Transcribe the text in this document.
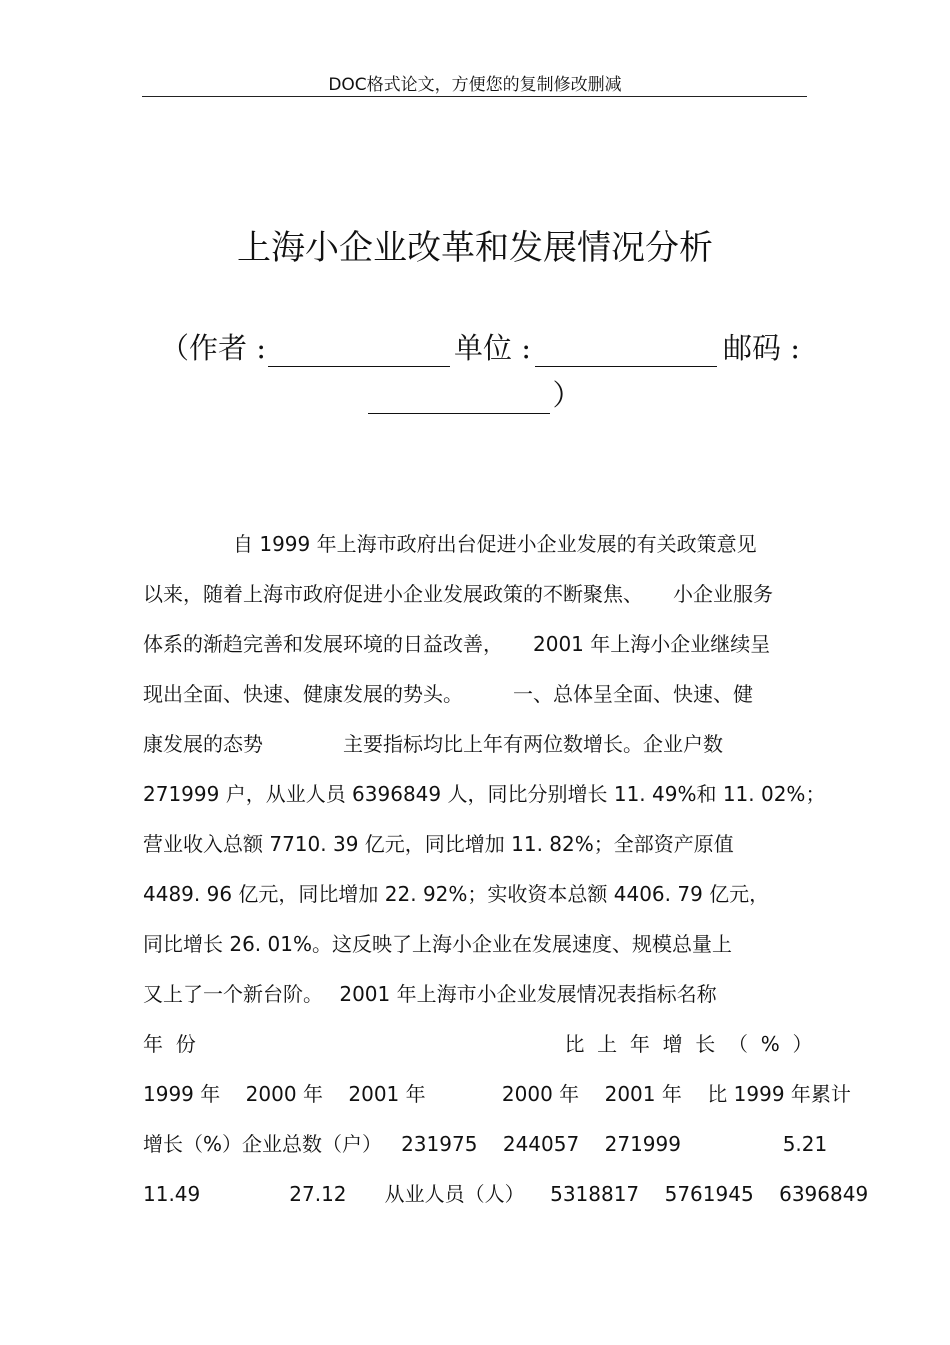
DOC格式论文，方便您的复制修改删减
上海小企业改革和发展情况分析
（作者 :	单位 :	邮码 :
）
自 1999 年上海市政府出台促进小企业发展的有关政策意见
以来，随着上海市政府促进小企业发展政策的不断聚焦、　　小企业服务
体系的渐趋完善和发展环境的日益改善，　　2001 年上海小企业继续呈
现出全面、快速、健康发展的势头。　　　一、总体呈全面、快速、健
康发展的态势　　　　主要指标均比上年有两位数增长。企业户数
271999 户，从业人员 6396849 人，同比分别增长 11. 49%和 11. 02%；
营业收入总额 7710. 39 亿元，同比增加 11. 82%；全部资产原值
4489. 96 亿元，同比增加 22. 92%；实收资本总额 4406. 79 亿元，
同比增长 26. 01%。这反映了上海小企业在发展速度、规模总量上
又上了一个新台阶。　 2001 年上海市小企业发展情况表指标名称
年  份                                                          比  上  年  增  长  （  %  ）
1999 年    2000 年    2001 年            2000 年    2001 年    比 1999 年累计
增长（%）企业总数（户）   231975    244057    271999                5.21
11.49              27.12      从业人员（人）    5318817    5761945    6396849
